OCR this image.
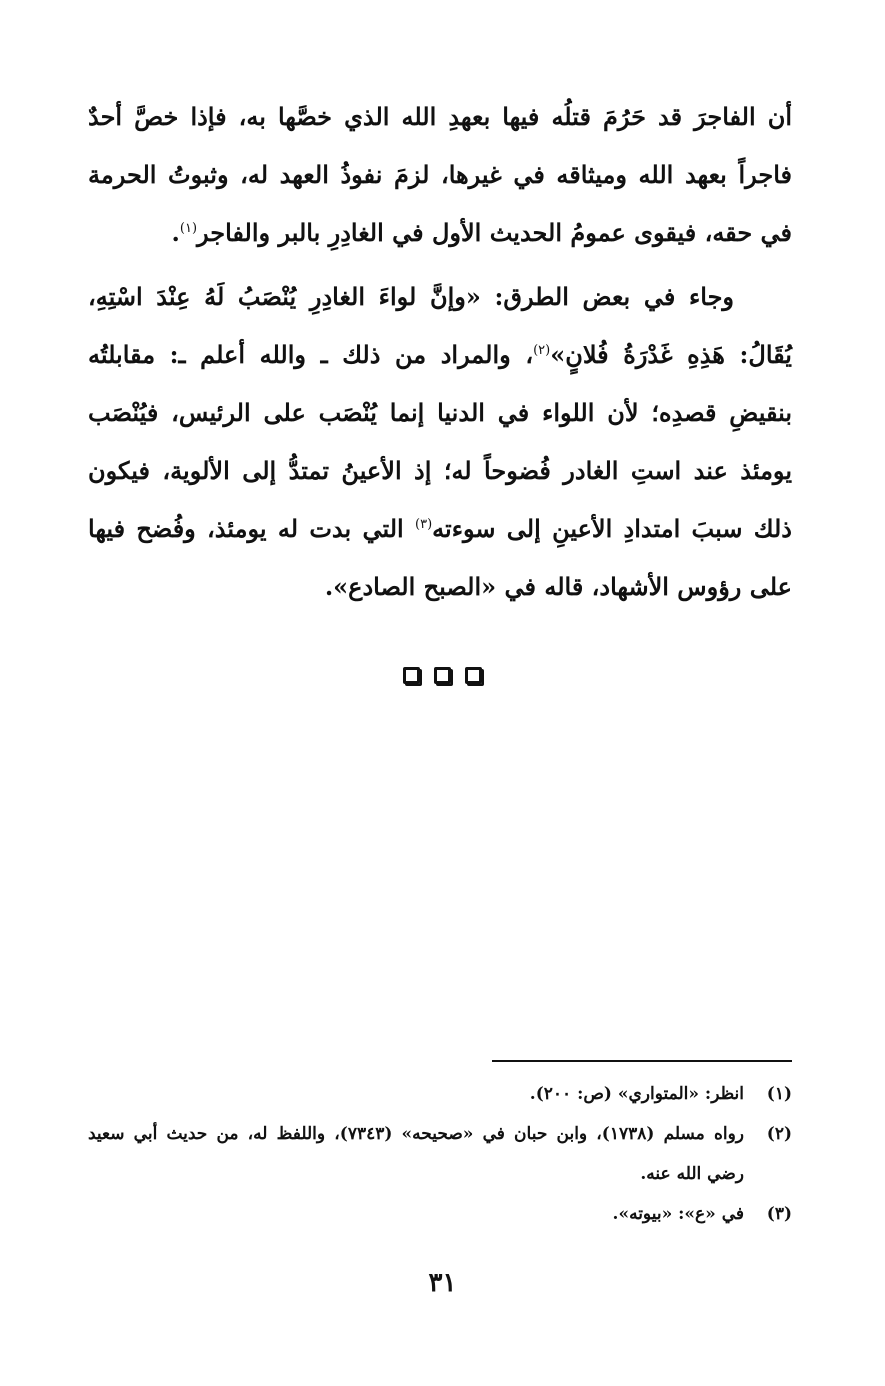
أن الفاجرَ قد حَرُمَ قتلُه فيها بعهدِ الله الذي خصَّها به، فإذا خصَّ أحدٌ فاجراً بعهد الله وميثاقه في غيرها، لزمَ نفوذُ العهد له، وثبوتُ الحرمة في حقه، فيقوى عمومُ الحديث الأول في الغادِرِ بالبر والفاجر$^{(١)}$.

وجاء في بعض الطرق: «وإنَّ لواءَ الغادِرِ يُنْصَبُ لَهُ عِنْدَ اسْتِهِ، يُقَالُ: هَذِهِ غَدْرَةُ فُلانٍ»$^{(٢)}$، والمراد من ذلك ـ والله أعلم ـ: مقابلتُه بنقيضِ قصدِه؛ لأن اللواء في الدنيا إنما يُنْصَب على الرئيس، فيُنْصَب يومئذ عند استِ الغادر فُضوحاً له؛ إذ الأعينُ تمتدُّ إلى الألوية، فيكون ذلك سببَ امتدادِ الأعينِ إلى سوءته$^{(٣)}$ التي بدت له يومئذ، وفُضح فيها على رؤوس الأشهاد، قاله في «الصبح الصادع».

(١)
انظر: «المتواري» (ص: ٢٠٠).
(٢)
رواه مسلم (١٧٣٨)، وابن حبان في «صحيحه» (٧٣٤٣)، واللفظ له، من حديث أبي سعيد رضي الله عنه.
(٣)
في «ع»: «بيوته».
٣١
